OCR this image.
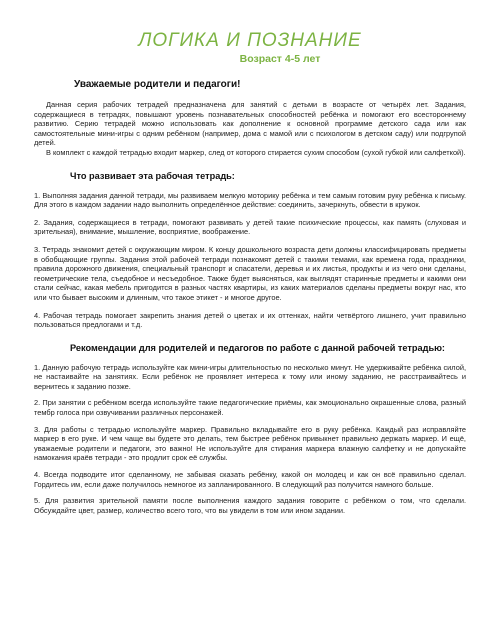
ЛОГИКА И ПОЗНАНИЕ
Возраст 4-5 лет
Уважаемые родители и педагоги!

Данная серия рабочих тетрадей предназначена для занятий с детьми в возрасте от четырёх лет. Задания, содержащиеся в тетрадях, повышают уровень познавательных способностей ребёнка и помогают его всестороннему развитию. Серию тетрадей можно использовать как дополнение к основной программе детского сада или как самостоятельные мини-игры с одним ребёнком (например, дома с мамой или с психологом в детском саду) или подгрупой детей.

В комплект с каждой тетрадью входит маркер, след от которого стирается сухим способом (сухой губкой или салфеткой).

Что развивает эта рабочая тетрадь:

1. Выполняя задания данной тетради, мы развиваем мелкую моторику ребёнка и тем самым готовим руку ребёнка к письму. Для этого в каждом задании надо выполнить определённое действие: соединить, зачеркнуть, обвести в кружок.

2. Задания, содержащиеся в тетради, помогают развивать у детей такие психические процессы, как память (слуховая и зрительная), внимание, мышление, восприятие, воображение.

3. Тетрадь знакомит детей с окружающим миром. К концу дошкольного возраста дети должны классифицировать предметы в обобщающие группы. Задания этой рабочей тетради познакомят детей с такими темами, как времена года, праздники, правила дорожного движения, специальный транспорт и спасатели, деревья и их листья, продукты и из чего они сделаны, геометрические тела, съедобное и несъедобное. Также будет выясняться, как выглядят старинные предметы и какими они стали сейчас, какая мебель пригодится в разных частях квартиры, из каких материалов сделаны предметы вокруг нас, кто или что бывает высоким и длинным, что такое этикет - и многое другое.

4. Рабочая тетрадь помогает закрепить знания детей о цветах и их оттенках, найти четвёртого лишнего, учит правильно пользоваться предлогами и т.д.

Рекомендации для родителей и педагогов по работе с данной рабочей тетрадью:

1. Данную рабочую тетрадь используйте как мини-игры длительностью по несколько минут. Не удерживайте ребёнка силой, не настаивайте на занятиях. Если ребёнок не проявляет интереса к тому или иному заданию, не расстраивайтесь и вернитесь к заданию позже.

2. При занятии с ребёнком всегда используйте такие педагогические приёмы, как эмоционально окрашенные слова, разный тембр голоса при озвучивании различных персонажей.

3. Для работы с тетрадью используйте маркер. Правильно вкладывайте его в руку ребёнка. Каждый раз исправляйте маркер в его руке. И чем чаще вы будете это делать, тем быстрее ребёнок привыкнет правильно держать маркер. И ещё, уважаемые родители и педагоги, это важно! Не используйте для стирания маркера влажную салфетку и не допускайте намокания краёв тетради - это продлит срок её службы.

4. Всегда подводите итог сделанному, не забывая сказать ребёнку, какой он молодец и как он всё правильно сделал. Гордитесь им, если даже получилось немногое из запланированного. В следующий раз получится намного больше.

5. Для развития зрительной памяти после выполнения каждого задания говорите с ребёнком о том, что сделали. Обсуждайте цвет, размер, количество всего того, что вы увидели в том или ином задании.
